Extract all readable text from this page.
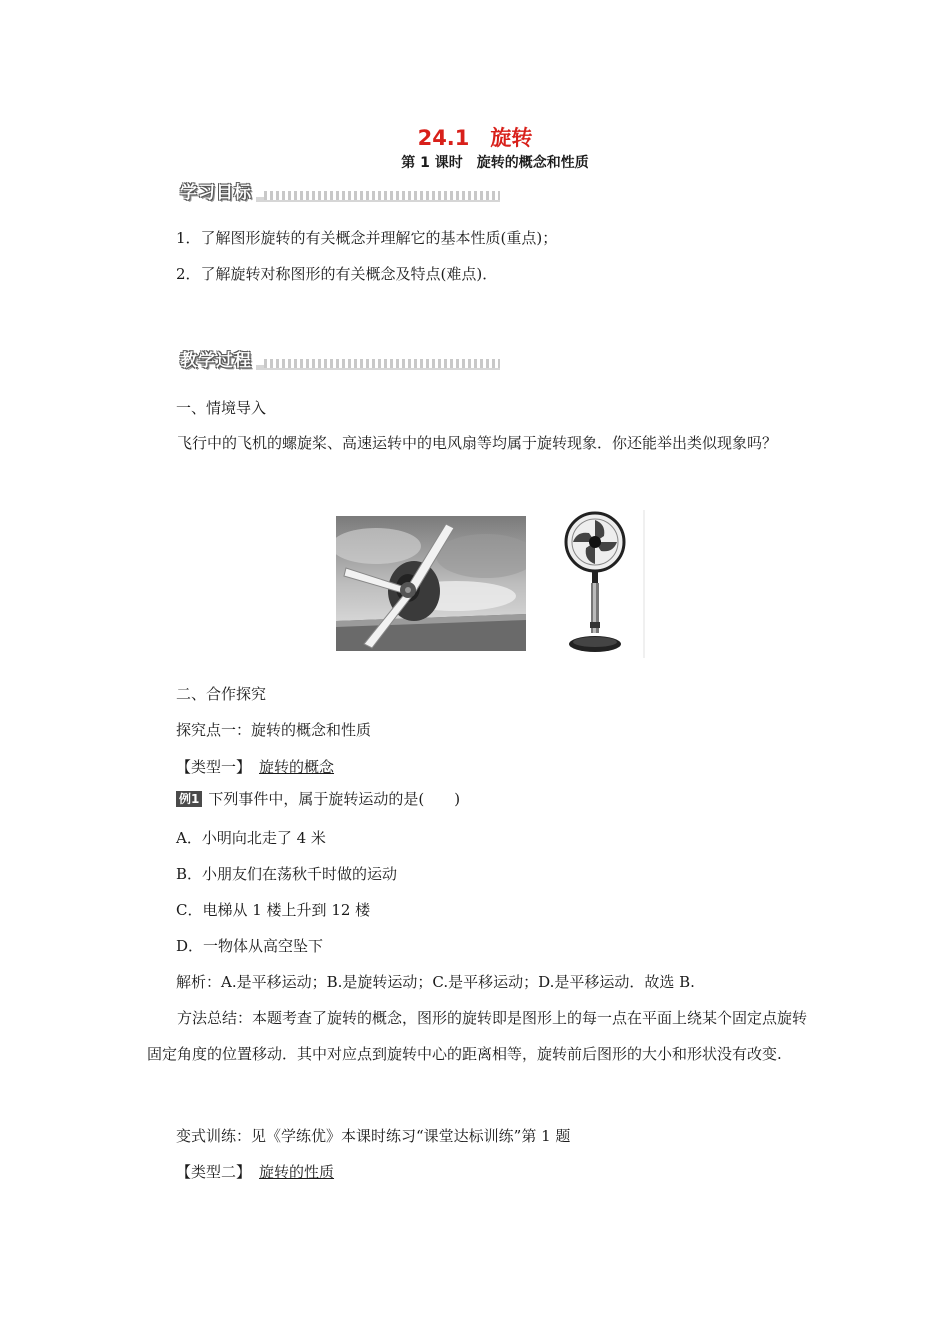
24.1　旋转
第 1 课时　旋转的概念和性质
学习目标
1．了解图形旋转的有关概念并理解它的基本性质(重点)；
2．了解旋转对称图形的有关概念及特点(难点)．
教学过程
一、情境导入
飞行中的飞机的螺旋桨、高速运转中的电风扇等均属于旋转现象．你还能举出类似现象吗？
二、合作探究
探究点一：旋转的概念和性质
【类型一】 旋转的概念
例1 下列事件中，属于旋转运动的是(　　)
A．小明向北走了 4 米
B．小朋友们在荡秋千时做的运动
C．电梯从 1 楼上升到 12 楼
D．一物体从高空坠下
解析：A.是平移运动；B.是旋转运动；C.是平移运动；D.是平移运动．故选 B.
方法总结：本题考查了旋转的概念，图形的旋转即是图形上的每一点在平面上绕某个固定点旋转固定角度的位置移动．其中对应点到旋转中心的距离相等，旋转前后图形的大小和形状没有改变.
变式训练：见《学练优》本课时练习“课堂达标训练”第 1 题
【类型二】 旋转的性质
